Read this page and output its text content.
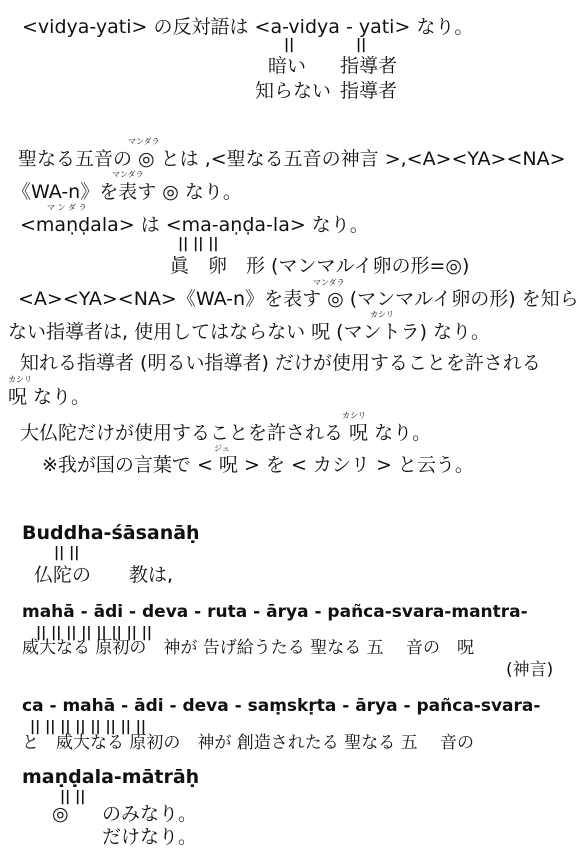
<vidya-yati> の反対語は <a-vidya - yati> なり。
||	||
暗い 指導者
知らない 指導者
マンダラ
聖なる五音の ◎ とは ,<聖なる五音の神言 >,<A><YA><NA>
マンダラ
《WA-n》を表す ◎ なり。
マ ン ダ ラ
<maṇḍala> は <ma-aṇḍa-la> なり。
|| || ||
眞　卵　形 (マンマルイ卵の形=◎)
マンダラ
<A><YA><NA>《WA-n》を表す ◎ (マンマルイ卵の形) を知ら
カシリ
ない指導者は, 使用してはならない 呪 (マントラ) なり。
知れる指導者 (明るい指導者) だけが使用することを許される
カシリ
呪 なり。
カシリ
大仏陀だけが使用することを許される 呪 なり。
ジュ
※我が国の言葉で < 呪 > を < カシリ > と云う。
Buddha-śāsanāḥ
|| ||
仏陀の　　教は,
mahā - ādi - deva - ruta - ārya - pañca-svara-mantra-
|| || || || || || || ||
威大なる 原初の　神が 告げ給うたる 聖なる 五　 音の　呪
(神言)
ca - mahā - ādi - deva - saṃskṛta - ārya - pañca-svara-
|| || || || || || || ||
と　威大なる 原初の　神が 創造されたる 聖なる 五　 音の
maṇḍala-mātrāḥ
|| ||
◎ のみなり。
だけなり。
